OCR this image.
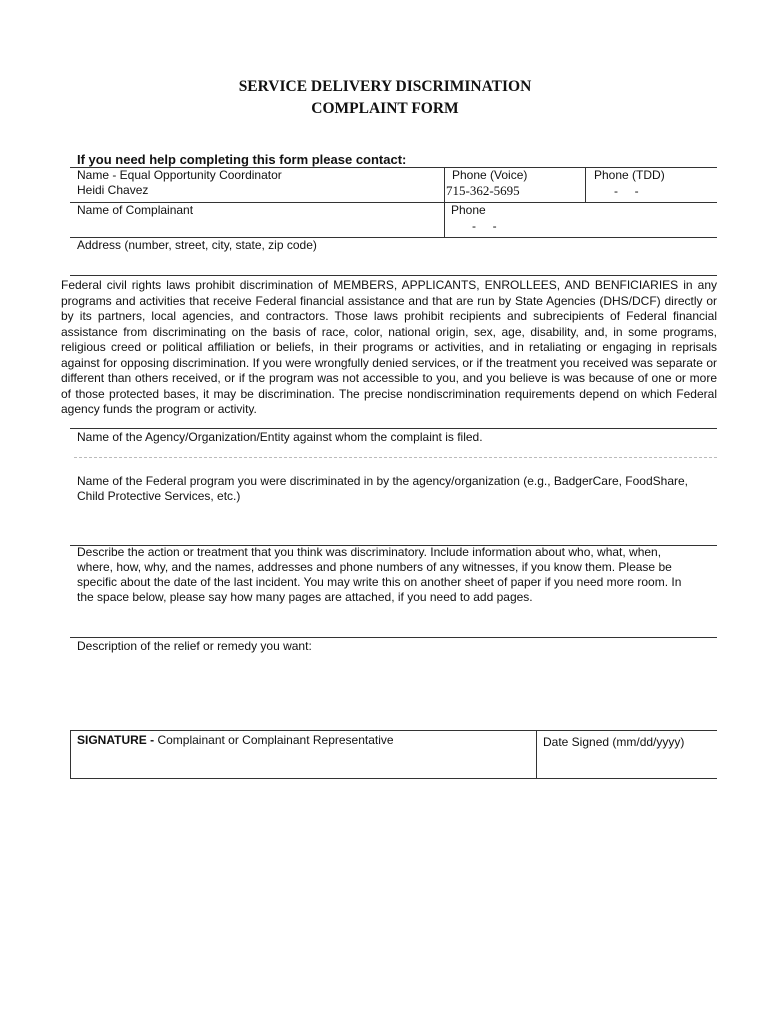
SERVICE DELIVERY DISCRIMINATION
COMPLAINT FORM
If you need help completing this form please contact:
Name - Equal Opportunity Coordinator
Heidi Chavez
Phone (Voice)
715-362-5695
Phone (TDD)
-     -
Name of Complainant	Phone
-     -
Address (number, street, city, state, zip code)
Federal civil rights laws prohibit discrimination of MEMBERS, APPLICANTS, ENROLLEES, AND BENFICIARIES in any programs and activities that receive Federal financial assistance and that are run by State Agencies (DHS/DCF) directly or by its partners, local agencies, and contractors. Those laws prohibit recipients and subrecipients of Federal financial assistance from discriminating on the basis of race, color, national origin, sex, age, disability, and, in some programs, religious creed or political affiliation or beliefs, in their programs or activities, and in retaliating or engaging in reprisals against for opposing discrimination. If you were wrongfully denied services, or if the treatment you received was separate or different than others received, or if the program was not accessible to you, and you believe is was because of one or more of those protected bases, it may be discrimination. The precise nondiscrimination requirements depend on which Federal agency funds the program or activity.
Name of the Agency/Organization/Entity against whom the complaint is filed.
Name of the Federal program you were discriminated in by the agency/organization (e.g., BadgerCare, FoodShare, Child Protective Services, etc.)
Describe the action or treatment that you think was discriminatory. Include information about who, what, when, where, how, why, and the names, addresses and phone numbers of any witnesses, if you know them. Please be specific about the date of the last incident. You may write this on another sheet of paper if you need more room. In the space below, please say how many pages are attached, if you need to add pages.
Description of the relief or remedy you want:
SIGNATURE - Complainant or Complainant Representative	Date Signed (mm/dd/yyyy)
